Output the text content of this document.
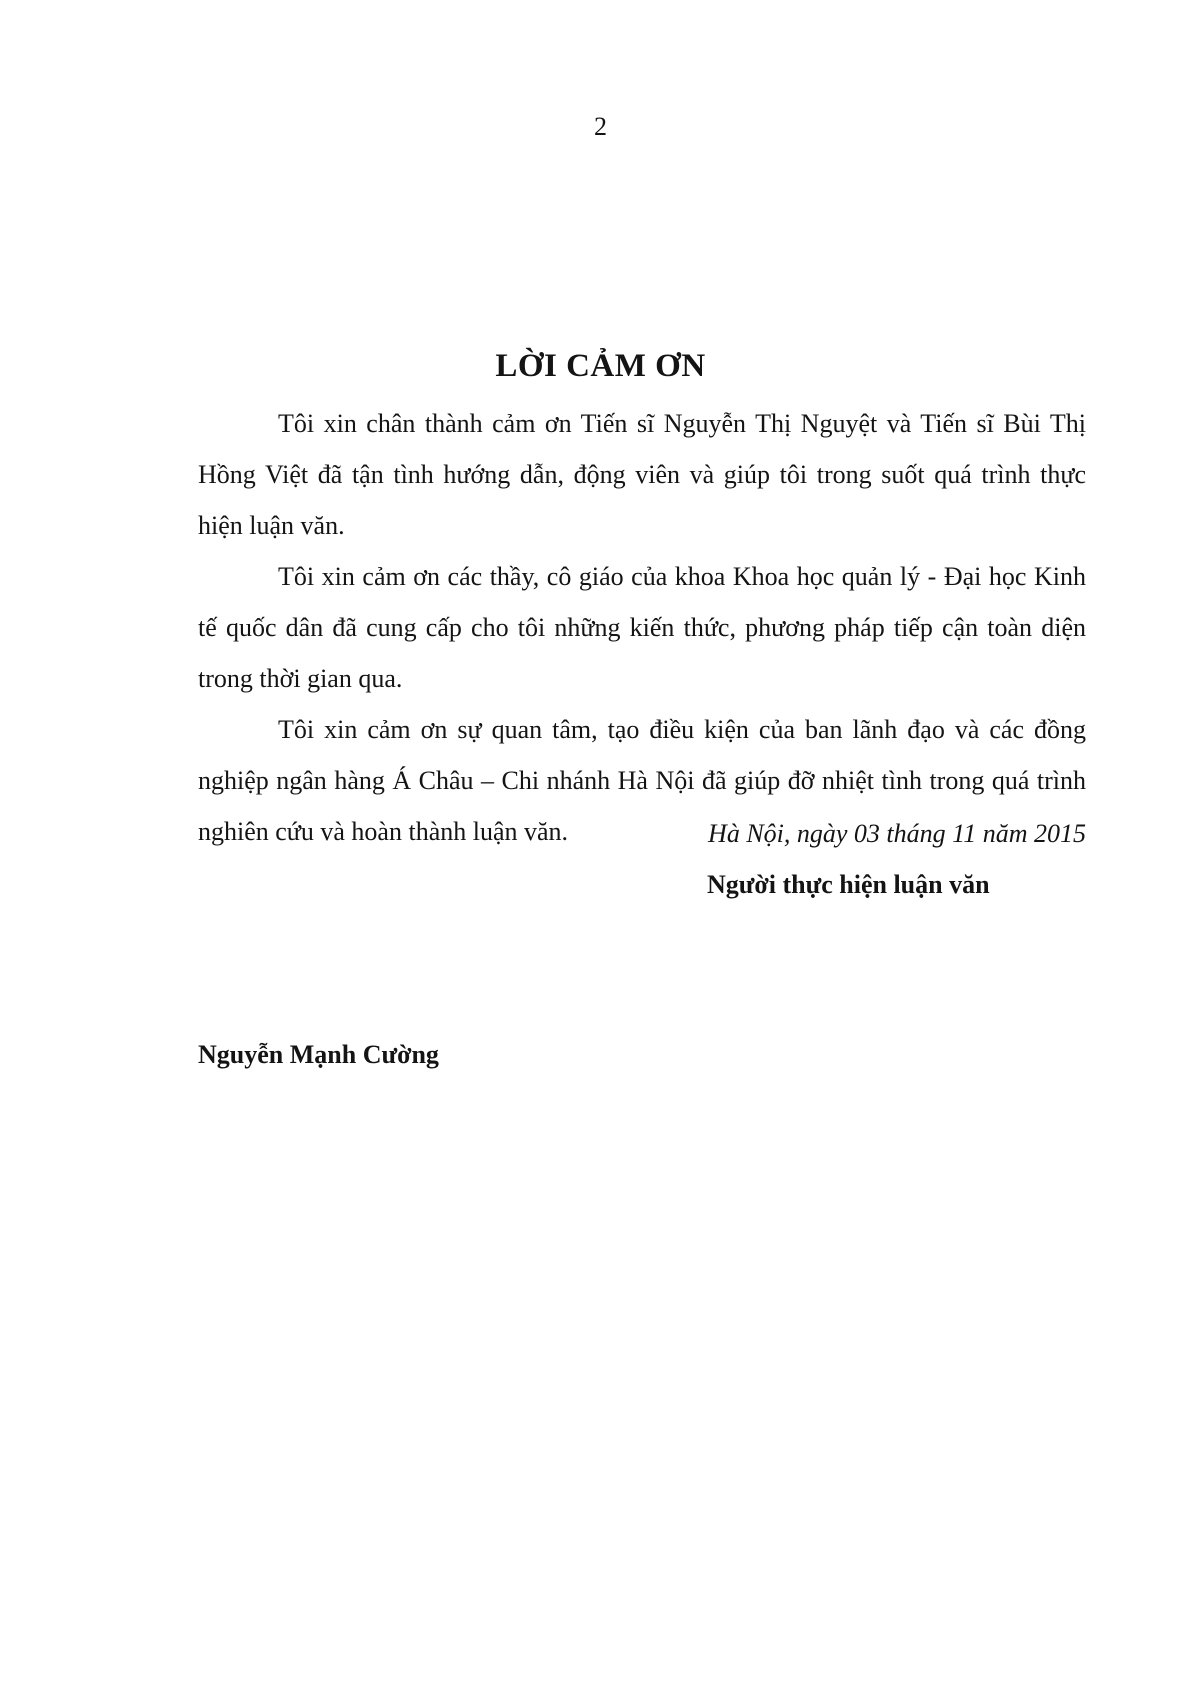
2
LỜI CẢM ƠN

Tôi xin chân thành cảm ơn Tiến sĩ Nguyễn Thị Nguyệt và Tiến sĩ Bùi Thị Hồng Việt đã tận tình hướng dẫn, động viên và giúp tôi trong suốt quá trình thực hiện luận văn.

Tôi xin cảm ơn các thầy, cô giáo của khoa Khoa học quản lý - Đại học Kinh tế quốc dân đã cung cấp cho tôi những kiến thức, phương pháp tiếp cận toàn diện trong thời gian qua.

Tôi xin cảm ơn sự quan tâm, tạo điều kiện của ban lãnh đạo và các đồng nghiệp ngân hàng Á Châu – Chi nhánh Hà Nội đã giúp đỡ nhiệt tình trong quá trình nghiên cứu và hoàn thành luận văn.	Hà Nội, ngày 03 tháng 11 năm 2015
Người thực hiện luận văn
Nguyễn Mạnh Cường
